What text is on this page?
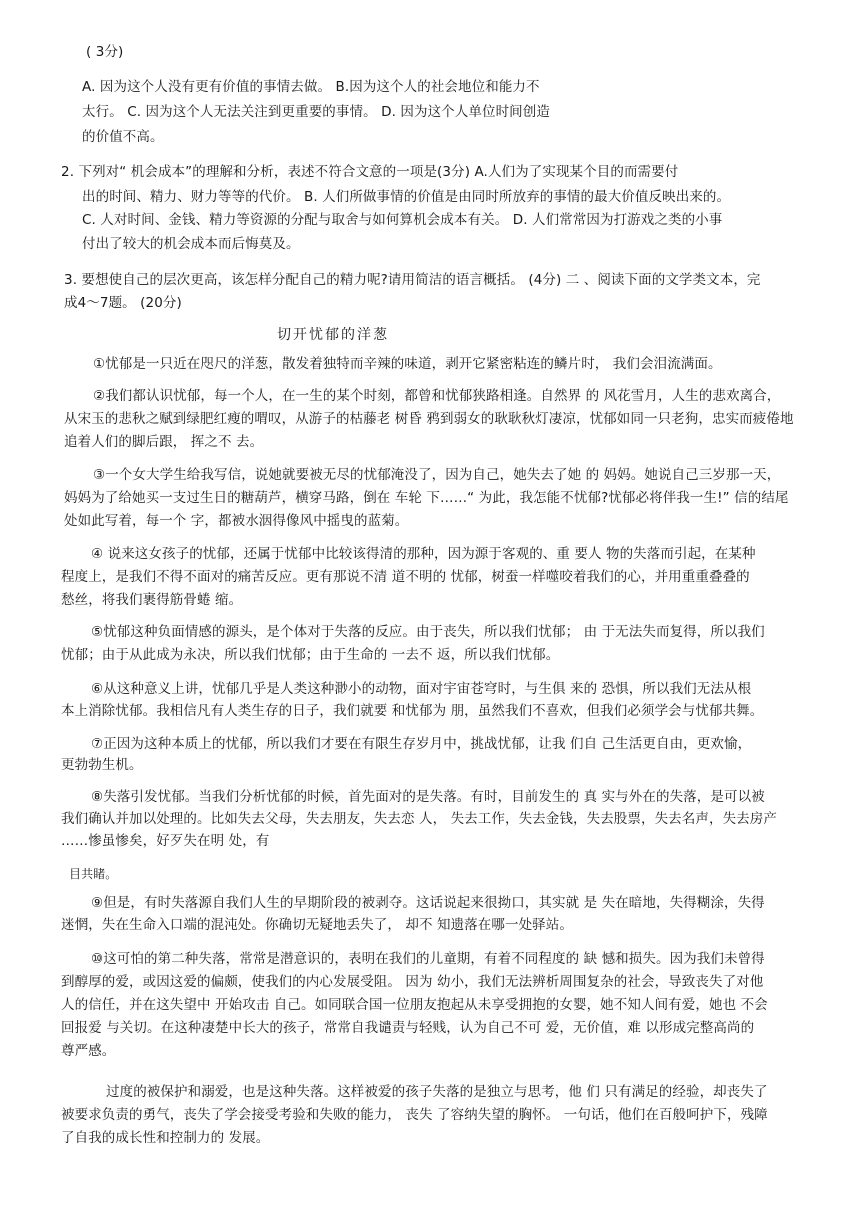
( 3分)
A. 因为这个人没有更有价值的事情去做。 B.因为这个人的社会地位和能力不
太行。 C. 因为这个人无法关注到更重要的事情。 D. 因为这个人单位时间创造
的价值不高。
2. 下列对“ 机会成本”的理解和分析，表述不符合文意的一项是(3分) A.人们为了实现某个目的而需要付
出的时间、精力、财力等等的代价。 B. 人们所做事情的价值是由同时所放弃的事情的最大价值反映出来的。
C. 人对时间、金钱、精力等资源的分配与取舍与如何算机会成本有关。 D. 人们常常因为打游戏之类的小事
付出了较大的机会成本而后悔莫及。
3. 要想使自己的层次更高，该怎样分配自己的精力呢?请用简洁的语言概括。 (4分) 二 、阅读下面的文学类文本，完
成4～7题。 (20分)
切开忧郁的洋葱
①忧郁是一只近在咫尺的洋葱，散发着独特而辛辣的味道，剥开它紧密粘连的鳞片时， 我们会泪流满面。
②我们都认识忧郁，每一个人，在一生的某个时刻，都曾和忧郁狭路相逢。自然界 的 风花雪月，人生的悲欢离合，
从宋玉的悲秋之赋到绿肥红瘦的喟叹，从游子的枯藤老 树昏 鸦到弱女的耿耿秋灯凄凉，忧郁如同一只老狗，忠实而疲倦地
追着人们的脚后跟， 挥之不 去。
③一个女大学生给我写信，说她就要被无尽的忧郁淹没了，因为自己，她失去了她 的 妈妈。她说自己三岁那一天，
妈妈为了给她买一支过生日的糖葫芦，横穿马路，倒在 车轮 下……“ 为此，我怎能不忧郁?忧郁必将伴我一生!” 信的结尾
处如此写着，每一个 字，都被水洇得像风中摇曳的蓝菊。
④ 说来这女孩子的忧郁，还属于忧郁中比较该得清的那种，因为源于客观的、重 要人 物的失落而引起，在某种
程度上，是我们不得不面对的痛苦反应。更有那说不清 道不明的 忧郁，树蚕一样噬咬着我们的心，并用重重叠叠的
愁丝，将我们裹得筋骨蜷 缩。
⑤忧郁这种负面情感的源头，是个体对于失落的反应。由于丧失，所以我们忧郁； 由 于无法失而复得，所以我们
忧郁；由于从此成为永决，所以我们忧郁；由于生命的 一去不 返，所以我们忧郁。
⑥从这种意义上讲，忧郁几乎是人类这种渺小的动物，面对宇宙苍穹时，与生俱 来的 恐惧，所以我们无法从根
本上消除忧郁。我相信凡有人类生存的日子，我们就要 和忧郁为 朋，虽然我们不喜欢，但我们必须学会与忧郁共舞。
⑦正因为这种本质上的忧郁，所以我们才要在有限生存岁月中，挑战忧郁，让我 们自 己生活更自由，更欢愉，
更勃勃生机。
⑧失落引发忧郁。当我们分析忧郁的时候，首先面对的是失落。有时，目前发生的 真 实与外在的失落，是可以被
我们确认并加以处理的。比如失去父母，失去朋友，失去恋 人， 失去工作，失去金钱，失去股票，失去名声，失去房产
……惨虽惨矣，好歹失在明 处，有
目共睹。
⑨但是，有时失落源自我们人生的早期阶段的被剥夺。这话说起来很拗口，其实就 是 失在暗地，失得糊涂，失得
迷惘，失在生命入口端的混沌处。你确切无疑地丢失了， 却不 知遗落在哪一处驿站。
⑩这可怕的第二种失落，常常是潜意识的，表明在我们的儿童期，有着不同程度的 缺 憾和损失。因为我们未曾得
到醇厚的爱，或因这爱的偏颇，使我们的内心发展受阻。 因为 幼小，我们无法辨析周围复杂的社会，导致丧失了对他
人的信任，并在这失望中 开始攻击 自己。如同联合国一位朋友抱起从未享受拥抱的女婴，她不知人间有爱，她也 不会
回报爱 与关切。在这种凄楚中长大的孩子，常常自我谴责与轻贱，认为自己不可 爱，无价值，难 以形成完整高尚的
尊严感。
过度的被保护和溺爱，也是这种失落。这样被爱的孩子失落的是独立与思考，他 们 只有满足的经验，却丧失了
被要求负责的勇气，丧失了学会接受考验和失败的能力， 丧失 了容纳失望的胸怀。 一句话，他们在百般呵护下，残障
了自我的成长性和控制力的 发展。
